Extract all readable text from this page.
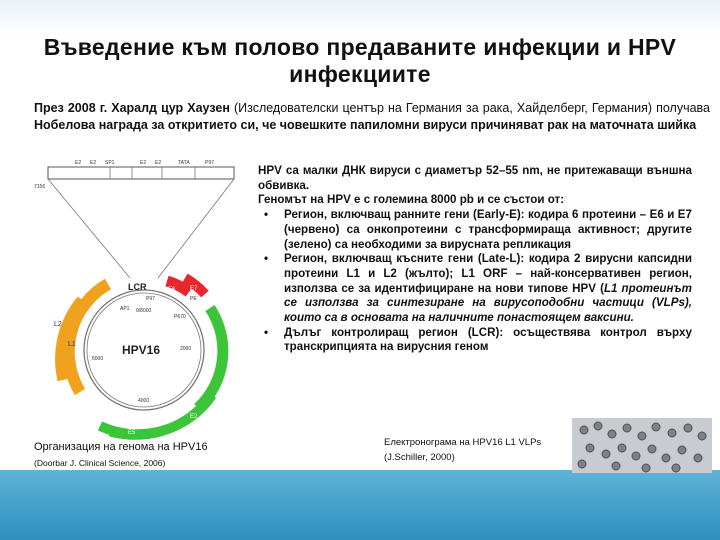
Въведение към полово предаваните инфекции и HPV инфекциите
През 2008 г. Харалд цур Хаузен (Изследователски център на Германия за рака, Хайделберг, Германия) получава Нобелова награда за откритието си, че човешките папиломни вируси причиняват рак на маточната шийка
E2 E2 SP1	E2 E2	TATA	P97
7156
L1
L2
E6 E7
E1
E2
E4
E5
LCR
P97
P670
AP1 0/8000
2000
4000
6000
PE
HPV16

HPV са малки ДНК вируси с диаметър 52–55 nm, не притежаващи външна обвивка.

Геномът на HPV е с големина 8000 pb и се състои от:

• Регион, включващ ранните гени (Early-E): кодира 6 протеини – Е6 и Е7 (червено) са онкопротеини с трансформираща активност; другите (зелено) са необходими за вирусната репликация
• Регион, включващ късните гени (Late-L): кодира 2 вирусни капсидни протеини L1 и L2 (жълто); L1 ORF – най-консервативен регион, използва се за идентифициране на нови типове HPV (L1 протеинът се използва за синтезиране на вирусоподобни частици (VLPs), които са в основата на наличните понастоящем ваксини.
• Дълъг контролиращ регион (LCR): осъществява контрол върху транскрипцията на вирусния геном
Организация на генома на HPV16
(Doorbar J. Clinical Science, 2006)
Електронограма на HPV16 L1 VLPs
(J.Schiller, 2000)
